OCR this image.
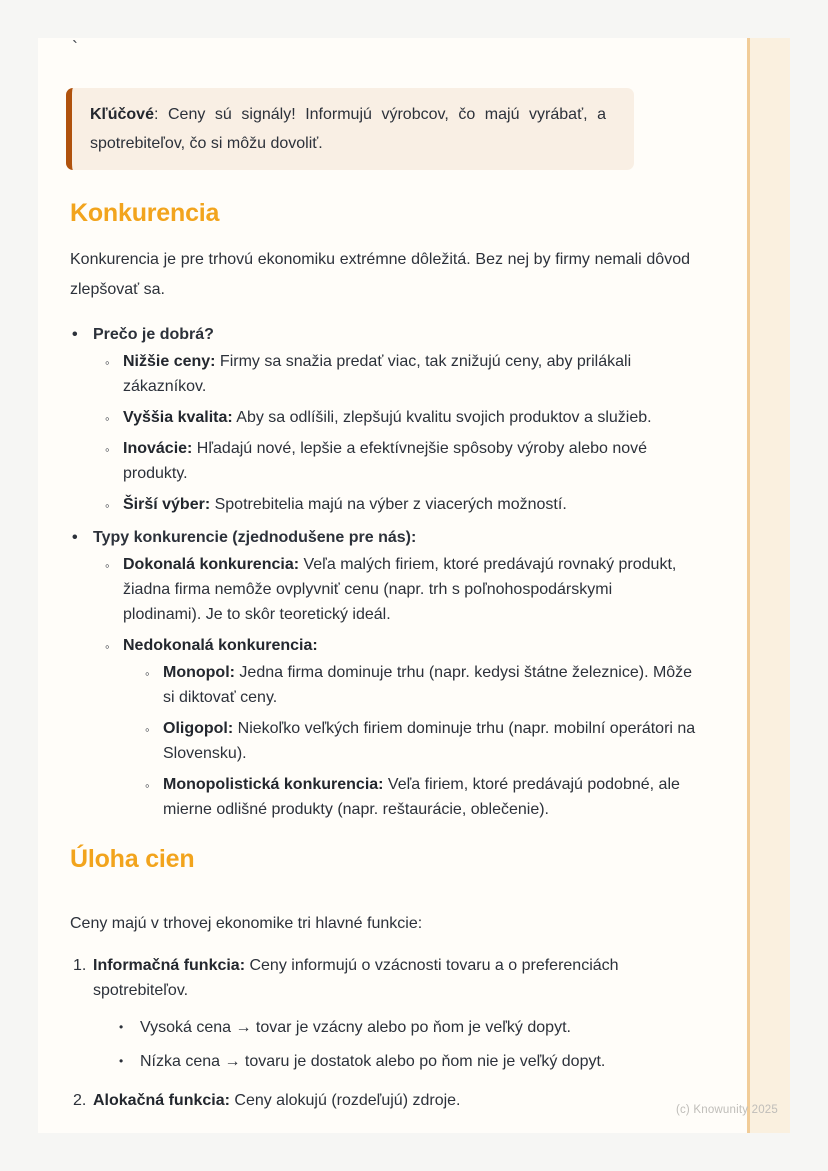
`
Kľúčové: Ceny sú signály! Informujú výrobcov, čo majú vyrábať, a spotrebiteľov, čo si môžu dovoliť.
Konkurencia

Konkurencia je pre trhovú ekonomiku extrémne dôležitá. Bez nej by firmy nemali dôvod zlepšovať sa.

• Prečo je dobrá?
◦ Nižšie ceny: Firmy sa snažia predať viac, tak znižujú ceny, aby prilákali zákazníkov.
◦ Vyššia kvalita: Aby sa odlíšili, zlepšujú kvalitu svojich produktov a služieb.
◦ Inovácie: Hľadajú nové, lepšie a efektívnejšie spôsoby výroby alebo nové produkty.
◦ Širší výber: Spotrebitelia majú na výber z viacerých možností.
• Typy konkurencie (zjednodušene pre nás):
◦ Dokonalá konkurencia: Veľa malých firiem, ktoré predávajú rovnaký produkt, žiadna firma nemôže ovplyvniť cenu (napr. trh s poľnohospodárskymi plodinami). Je to skôr teoretický ideál.
◦ Nedokonalá konkurencia:
◦ Monopol: Jedna firma dominuje trhu (napr. kedysi štátne železnice). Môže si diktovať ceny.
◦ Oligopol: Niekoľko veľkých firiem dominuje trhu (napr. mobilní operátori na Slovensku).
◦ Monopolistická konkurencia: Veľa firiem, ktoré predávajú podobné, ale mierne odlišné produkty (napr. reštaurácie, oblečenie).
Úloha cien

Ceny majú v trhovej ekonomike tri hlavné funkcie:

1. Informačná funkcia: Ceny informujú o vzácnosti tovaru a o preferenciách spotrebiteľov.
• Vysoká cena → tovar je vzácny alebo po ňom je veľký dopyt.
• Nízka cena → tovaru je dostatok alebo po ňom nie je veľký dopyt.
2. Alokačná funkcia: Ceny alokujú (rozdeľujú) zdroje.
(c) Knowunity 2025
